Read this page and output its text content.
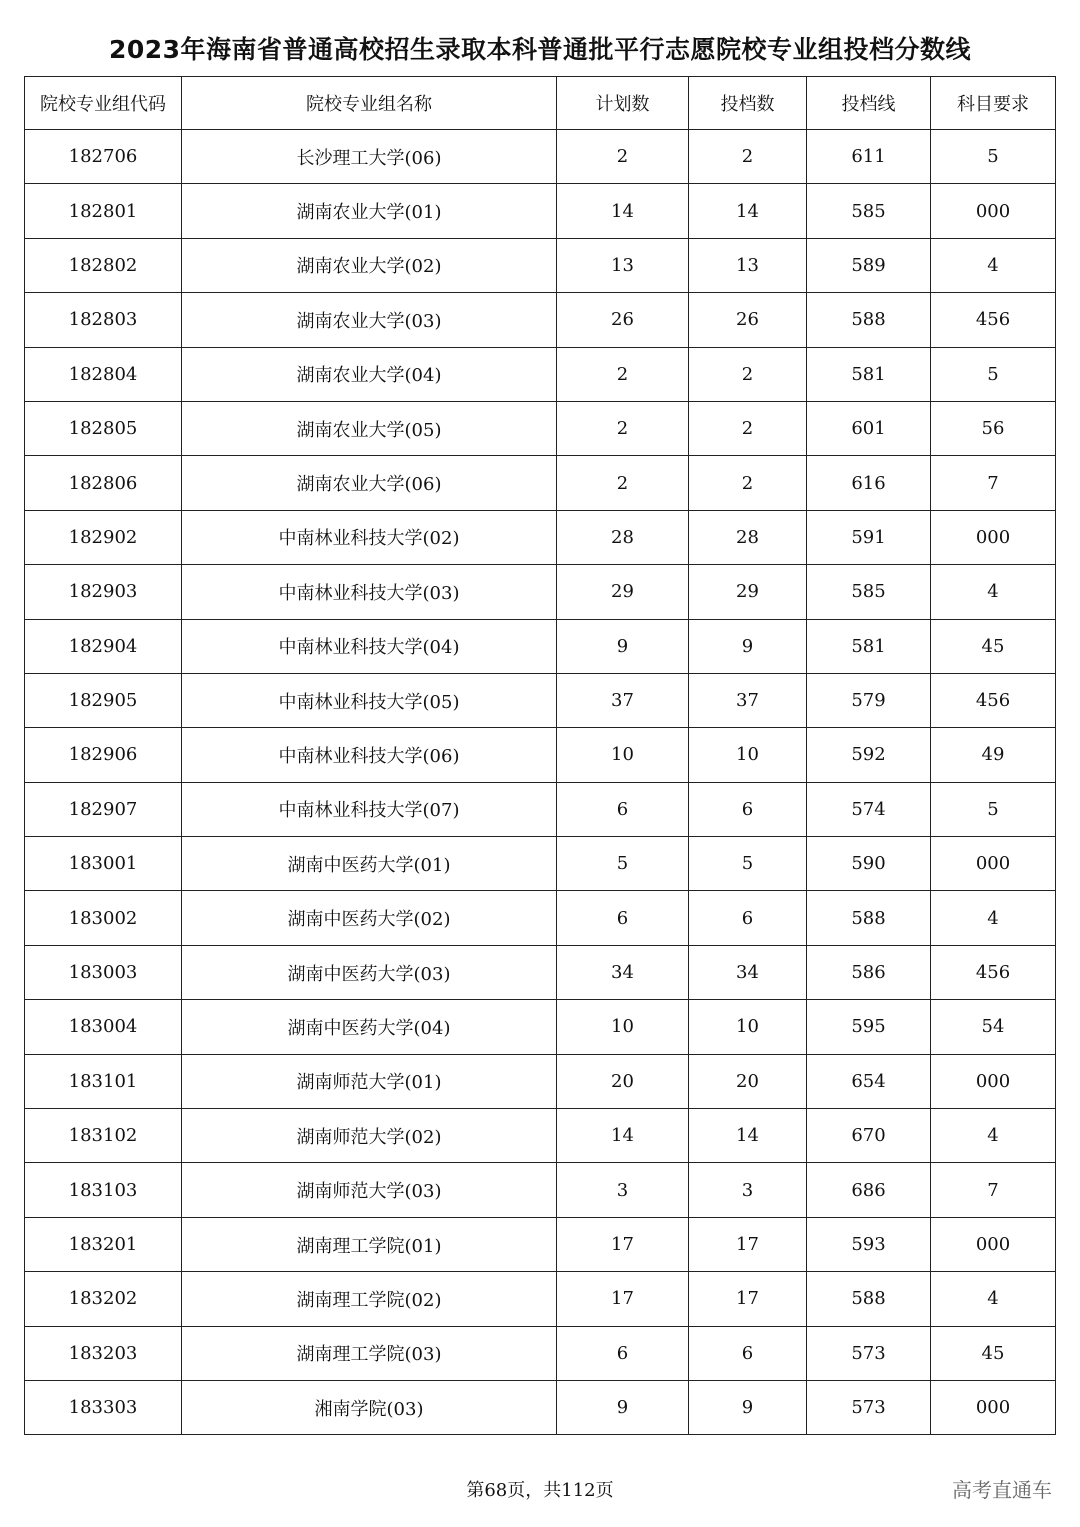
2023年海南省普通高校招生录取本科普通批平行志愿院校专业组投档分数线
院校专业组代码	院校专业组名称	计划数	投档数	投档线	科目要求
182706	长沙理工大学(06)	2	2	611	5
182801	湖南农业大学(01)	14	14	585	000
182802	湖南农业大学(02)	13	13	589	4
182803	湖南农业大学(03)	26	26	588	456
182804	湖南农业大学(04)	2	2	581	5
182805	湖南农业大学(05)	2	2	601	56
182806	湖南农业大学(06)	2	2	616	7
182902	中南林业科技大学(02)	28	28	591	000
182903	中南林业科技大学(03)	29	29	585	4
182904	中南林业科技大学(04)	9	9	581	45
182905	中南林业科技大学(05)	37	37	579	456
182906	中南林业科技大学(06)	10	10	592	49
182907	中南林业科技大学(07)	6	6	574	5
183001	湖南中医药大学(01)	5	5	590	000
183002	湖南中医药大学(02)	6	6	588	4
183003	湖南中医药大学(03)	34	34	586	456
183004	湖南中医药大学(04)	10	10	595	54
183101	湖南师范大学(01)	20	20	654	000
183102	湖南师范大学(02)	14	14	670	4
183103	湖南师范大学(03)	3	3	686	7
183201	湖南理工学院(01)	17	17	593	000
183202	湖南理工学院(02)	17	17	588	4
183203	湖南理工学院(03)	6	6	573	45
183303	湘南学院(03)	9	9	573	000
第68页，共112页	高考直通车
